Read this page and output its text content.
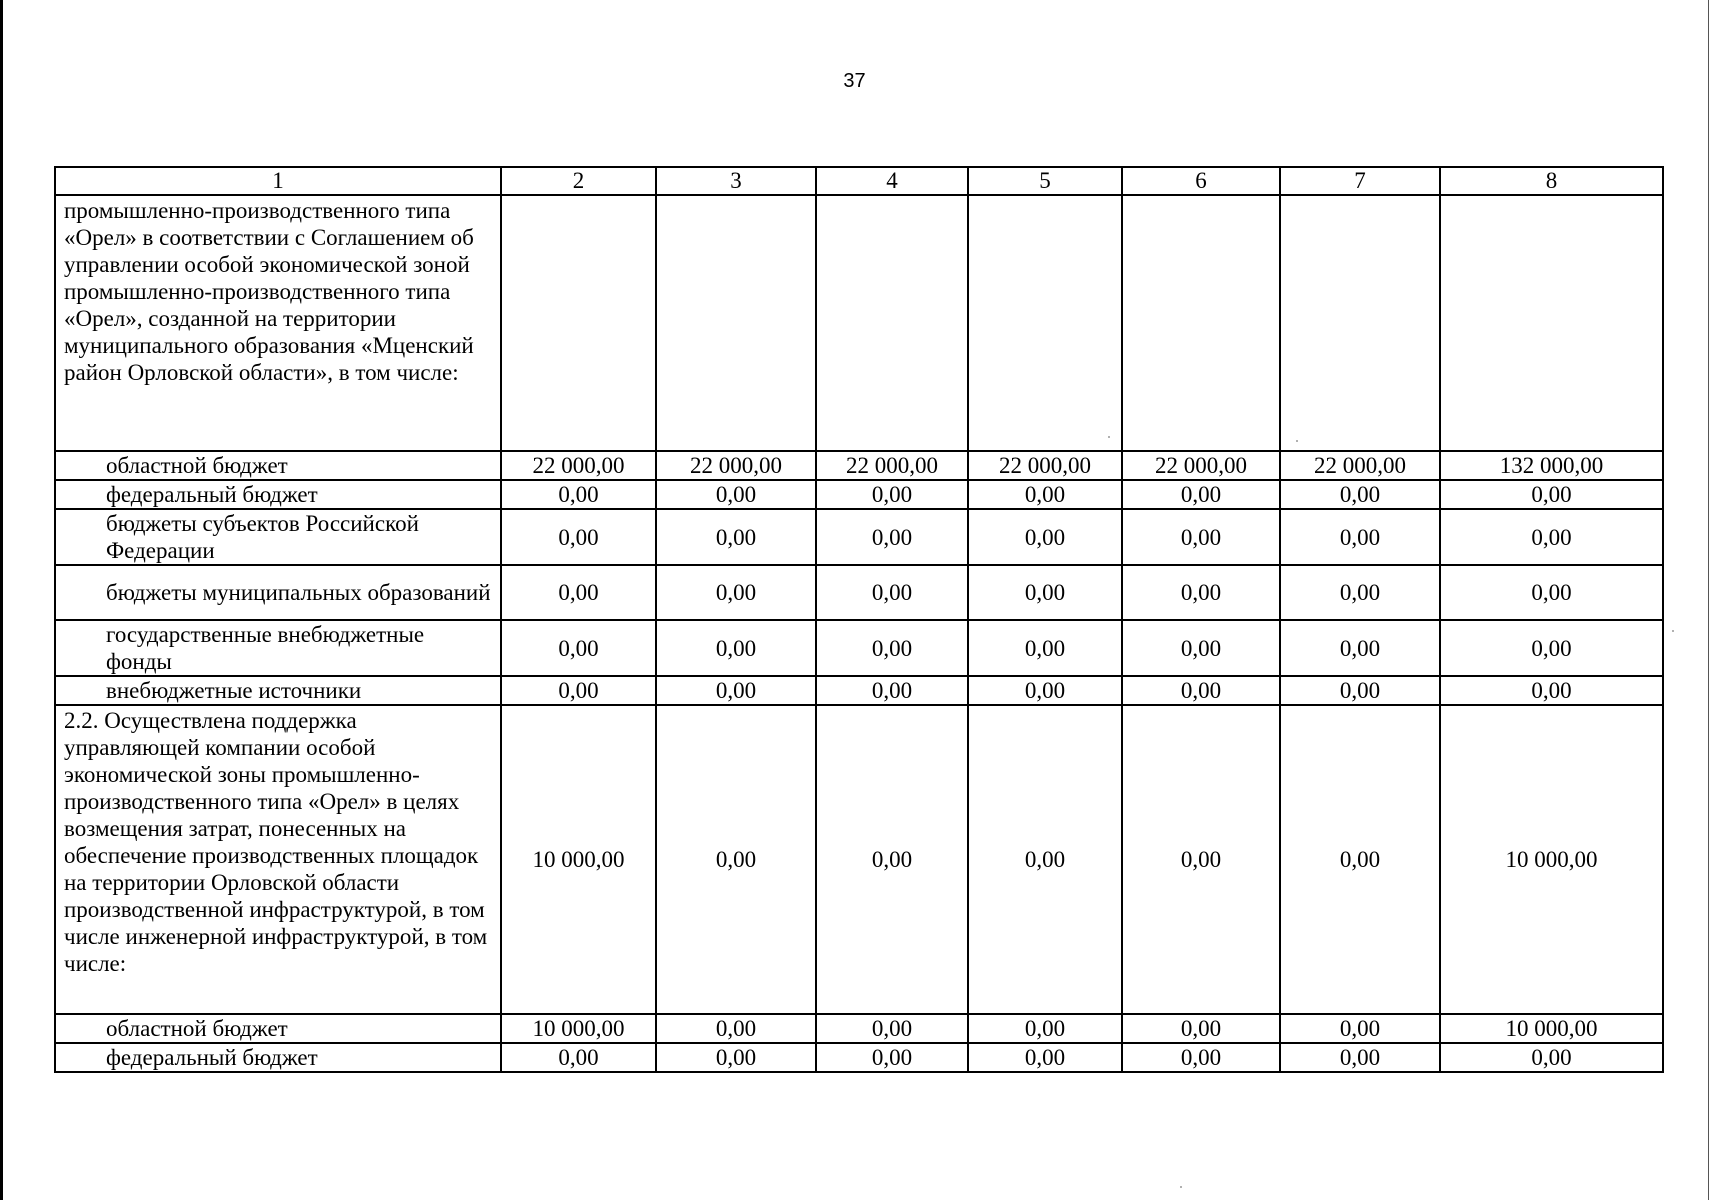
37
1	2	3	4	5	6	7	8
промышленно-производственного типа «Орел» в соответствии с Соглашением об управлении особой экономической зоной промышленно-производственного типа «Орел», созданной на территории муниципального образования «Мценский район Орловской области», в том числе:							
областной бюджет	22 000,00	22 000,00	22 000,00	22 000,00	22 000,00	22 000,00	132 000,00
федеральный бюджет	0,00	0,00	0,00	0,00	0,00	0,00	0,00
бюджеты субъектов Российской Федерации	0,00	0,00	0,00	0,00	0,00	0,00	0,00
бюджеты муниципальных образований	0,00	0,00	0,00	0,00	0,00	0,00	0,00
государственные внебюджетные фонды	0,00	0,00	0,00	0,00	0,00	0,00	0,00
внебюджетные источники	0,00	0,00	0,00	0,00	0,00	0,00	0,00
2.2. Осуществлена поддержка управляющей компании особой экономической зоны промышленно-производственного типа «Орел» в целях возмещения затрат, понесенных на обеспечение производственных площадок на территории Орловской области производственной инфраструктурой, в том числе инженерной инфраструктурой, в том числе:	10 000,00	0,00	0,00	0,00	0,00	0,00	10 000,00
областной бюджет	10 000,00	0,00	0,00	0,00	0,00	0,00	10 000,00
федеральный бюджет	0,00	0,00	0,00	0,00	0,00	0,00	0,00
